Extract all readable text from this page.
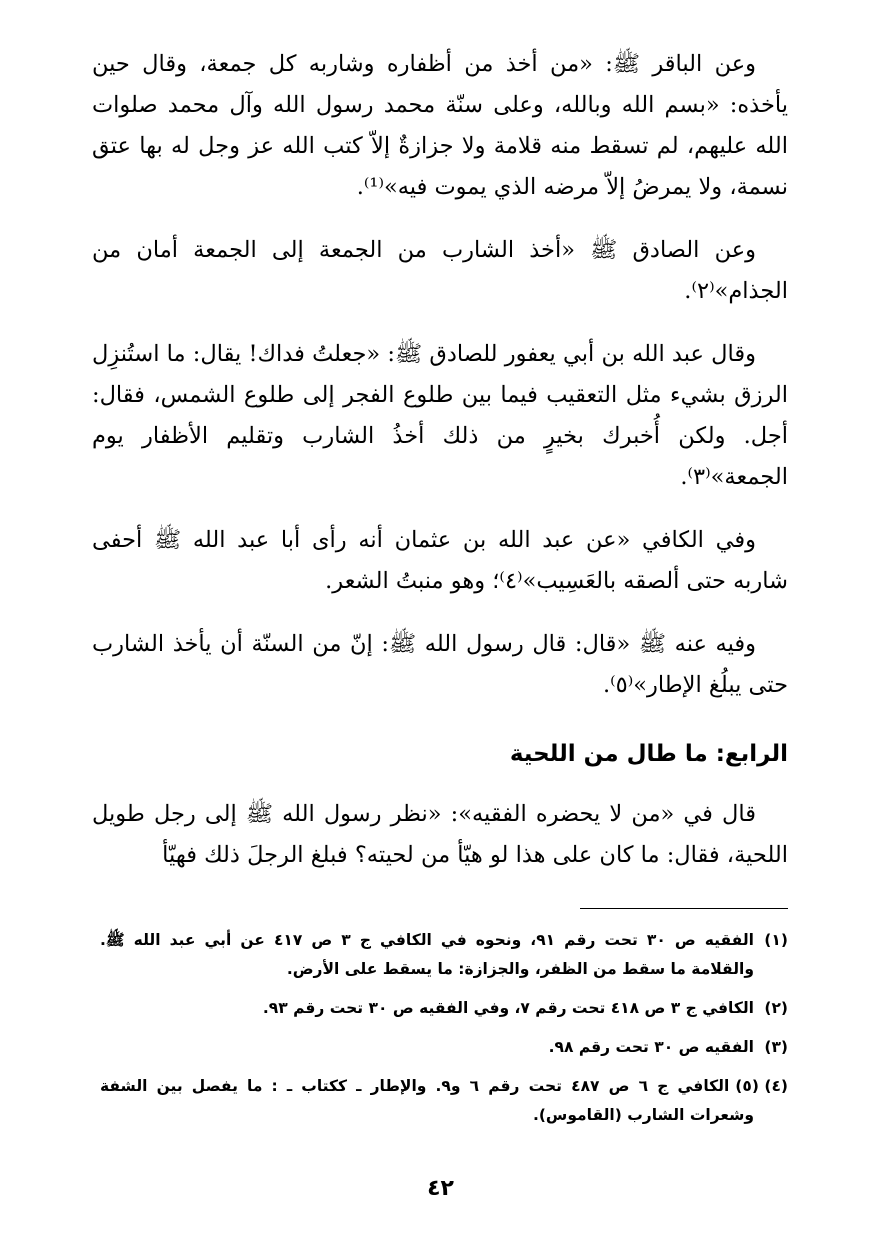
وعن الباقر ﷺ: «من أخذ من أظفاره وشاربه كل جمعة، وقال حين يأخذه: «بسم الله وبالله، وعلى سنّة محمد رسول الله وآل محمد صلوات الله عليهم، لم تسقط منه قلامة ولا جزازةٌ إلاّ كتب الله عز وجل له بها عتق نسمة، ولا يمرضُ إلاّ مرضه الذي يموت فيه»⁽¹⁾.

وعن الصادق ﷺ «أخذ الشارب من الجمعة إلى الجمعة أمان من الجذام»⁽٢⁾.

وقال عبد الله بن أبي يعفور للصادق ﷺ: «جعلتُ فداك! يقال: ما استُنزِل الرزق بشيء مثل التعقيب فيما بين طلوع الفجر إلى طلوع الشمس، فقال: أجل. ولكن أُخبرك بخيرٍ من ذلك أخذُ الشارب وتقليم الأظفار يوم الجمعة»⁽٣⁾.

وفي الكافي «عن عبد الله بن عثمان أنه رأى أبا عبد الله ﷺ أحفى شاربه حتى ألصقه بالعَسِيب»⁽٤⁾؛ وهو منبتُ الشعر.

وفيه عنه ﷺ «قال: قال رسول الله ﷺ: إنّ من السنّة أن يأخذ الشارب حتى يبلُغ الإطار»⁽٥⁾.

الرابع: ما طال من اللحية

قال في «من لا يحضره الفقيه»: «نظر رسول الله ﷺ إلى رجل طويل اللحية، فقال: ما كان على هذا لو هيّأ من لحيته؟ فبلغ الرجلَ ذلك فهيّأ

(١)الفقيه ص ٣٠ تحت رقم ٩١، ونحوه في الكافي ج ٣ ص ٤١٧ عن أبي عبد الله ﷺ. والقلامة ما سقط من الظفر، والجزازة: ما يسقط على الأرض.

(٢)الكافي ج ٣ ص ٤١٨ تحت رقم ٧، وفي الفقيه ص ٣٠ تحت رقم ٩٣.

(٣)الفقيه ص ٣٠ تحت رقم ٩٨.

(٤) (٥)الكافي ج ٦ ص ٤٨٧ تحت رقم ٦ و٩. والإطار ـ ككتاب ـ : ما يفصل بين الشفة وشعرات الشارب (القاموس).

٤٢
